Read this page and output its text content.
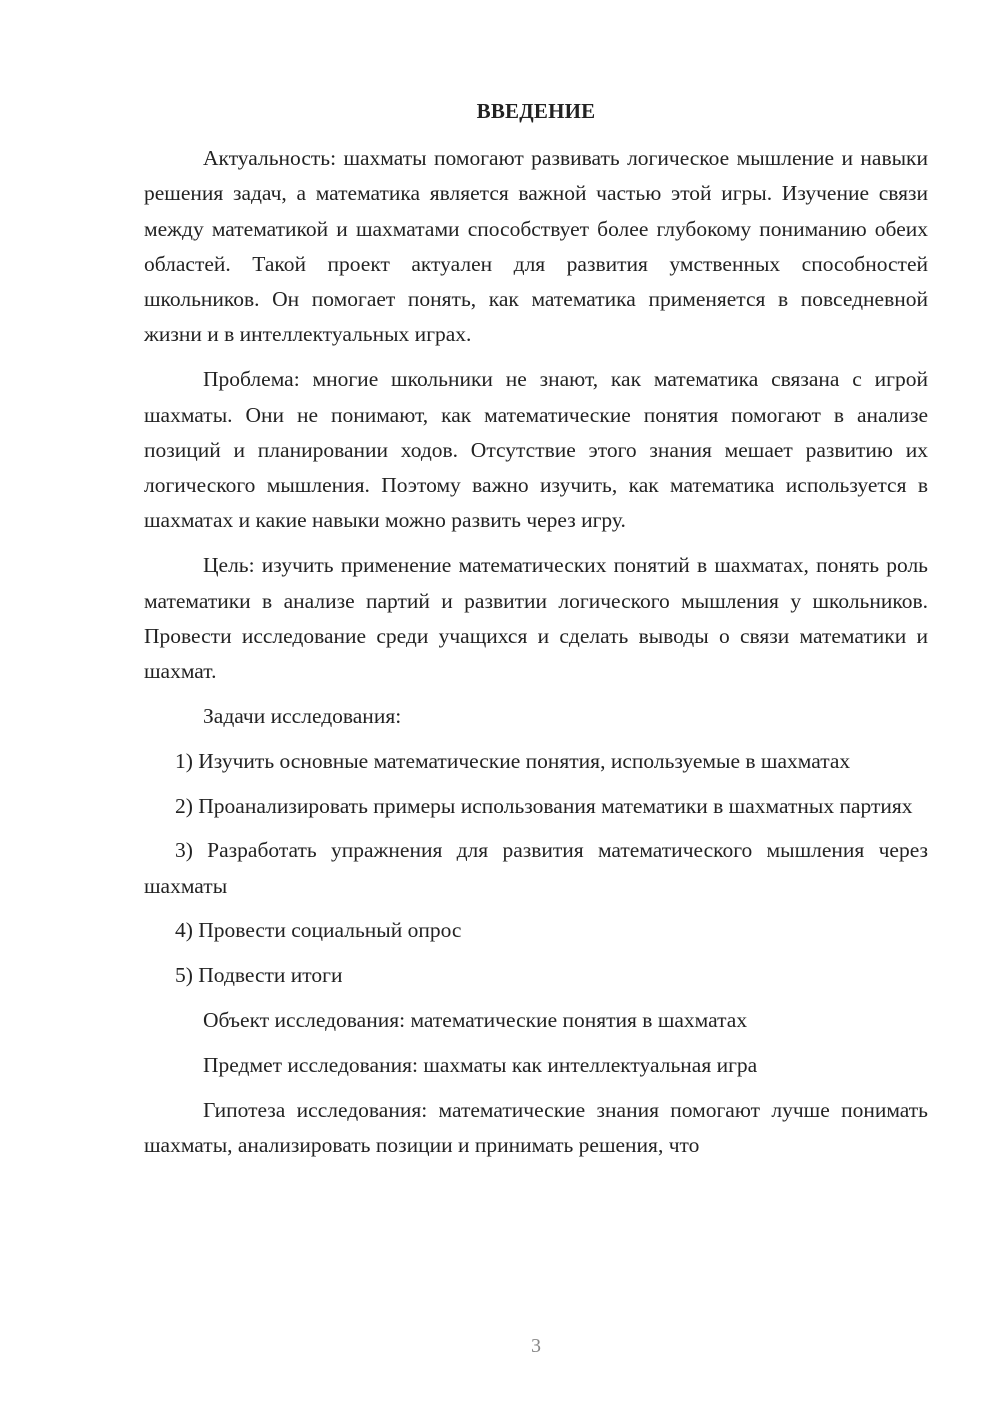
ВВЕДЕНИЕ

Актуальность: шахматы помогают развивать логическое мышление и навыки решения задач, а математика является важной частью этой игры. Изучение связи между математикой и шахматами способствует более глубокому пониманию обеих областей. Такой проект актуален для развития умственных способностей школьников. Он помогает понять, как математика применяется в повседневной жизни и в интеллектуальных играх.

Проблема: многие школьники не знают, как математика связана с игрой шахматы. Они не понимают, как математические понятия помогают в анализе позиций и планировании ходов. Отсутствие этого знания мешает развитию их логического мышления. Поэтому важно изучить, как математика используется в шахматах и какие навыки можно развить через игру.

Цель: изучить применение математических понятий в шахматах, понять роль математики в анализе партий и развитии логического мышления у школьников. Провести исследование среди учащихся и сделать выводы о связи математики и шахмат.

Задачи исследования:

1) Изучить основные математические понятия, используемые в шахматах

2) Проанализировать примеры использования математики в шахматных партиях

3) Разработать упражнения для развития математического мышления через шахматы

4) Провести социальный опрос

5) Подвести итоги

Объект исследования: математические понятия в шахматах

Предмет исследования: шахматы как интеллектуальная игра

Гипотеза исследования: математические знания помогают лучше понимать шахматы, анализировать позиции и принимать решения, что

3
